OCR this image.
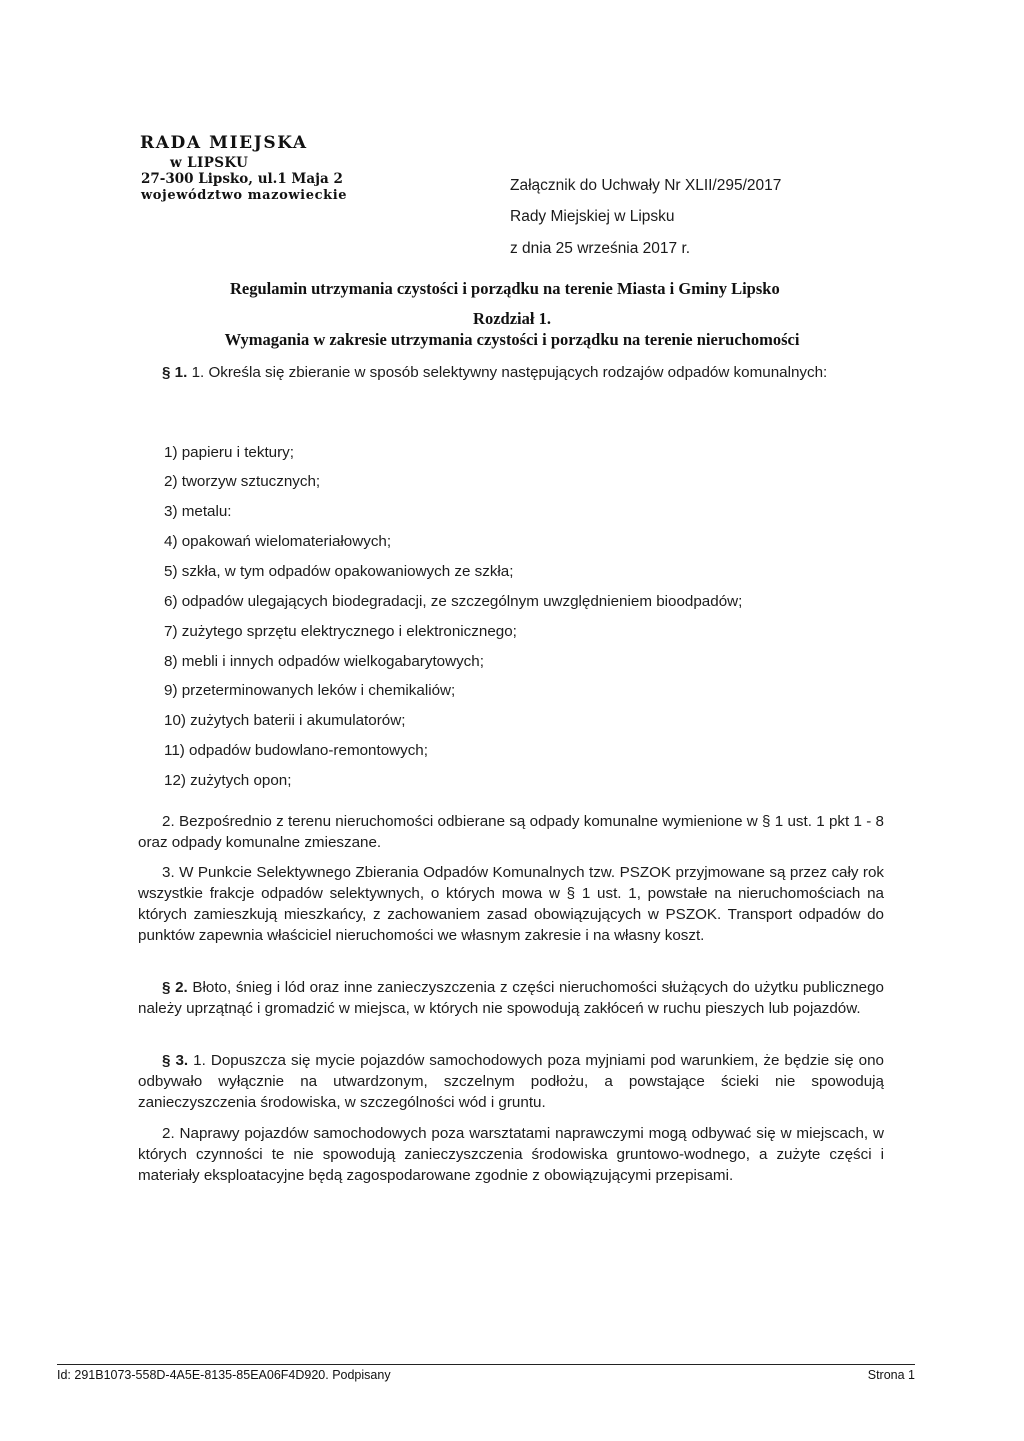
RADA MIEJSKA
w LIPSKU
27-300 Lipsko, ul.1 Maja 2
województwo mazowieckie
Załącznik do Uchwały Nr XLII/295/2017
Rady Miejskiej w Lipsku
z dnia 25 września 2017 r.
Regulamin utrzymania czystości i porządku na terenie Miasta i Gminy Lipsko
Rozdział 1.
Wymagania w zakresie utrzymania czystości i porządku na terenie nieruchomości
§ 1. 1. Określa się zbieranie w sposób selektywny następujących rodzajów odpadów komunalnych:
1) papieru i tektury;
2) tworzyw sztucznych;
3) metalu:
4) opakowań wielomateriałowych;
5) szkła, w tym odpadów opakowaniowych ze szkła;
6) odpadów ulegających biodegradacji, ze szczególnym uwzględnieniem bioodpadów;
7) zużytego sprzętu elektrycznego i elektronicznego;
8) mebli i innych odpadów wielkogabarytowych;
9) przeterminowanych leków i chemikaliów;
10) zużytych baterii i akumulatorów;
11) odpadów budowlano-remontowych;
12) zużytych opon;
2. Bezpośrednio z terenu nieruchomości odbierane są odpady komunalne wymienione w § 1 ust. 1 pkt 1 - 8 oraz odpady komunalne zmieszane.
3. W Punkcie Selektywnego Zbierania Odpadów Komunalnych tzw. PSZOK przyjmowane są przez cały rok wszystkie frakcje odpadów selektywnych, o których mowa w § 1 ust. 1, powstałe na nieruchomościach na których zamieszkują mieszkańcy, z zachowaniem zasad obowiązujących w PSZOK. Transport odpadów do punktów zapewnia właściciel nieruchomości we własnym zakresie i na własny koszt.
§ 2. Błoto, śnieg i lód oraz inne zanieczyszczenia z części nieruchomości służących do użytku publicznego należy uprzątnąć i gromadzić w miejsca, w których nie spowodują zakłóceń w ruchu pieszych lub pojazdów.
§ 3. 1. Dopuszcza się mycie pojazdów samochodowych poza myjniami pod warunkiem, że będzie się ono odbywało wyłącznie na utwardzonym, szczelnym podłożu, a powstające ścieki nie spowodują zanieczyszczenia środowiska, w szczególności wód i gruntu.
2. Naprawy pojazdów samochodowych poza warsztatami naprawczymi mogą odbywać się w miejscach, w których czynności te nie spowodują zanieczyszczenia środowiska gruntowo-wodnego, a zużyte części i materiały eksploatacyjne będą zagospodarowane zgodnie z obowiązującymi przepisami.
Id: 291B1073-558D-4A5E-8135-85EA06F4D920. Podpisany	Strona 1
